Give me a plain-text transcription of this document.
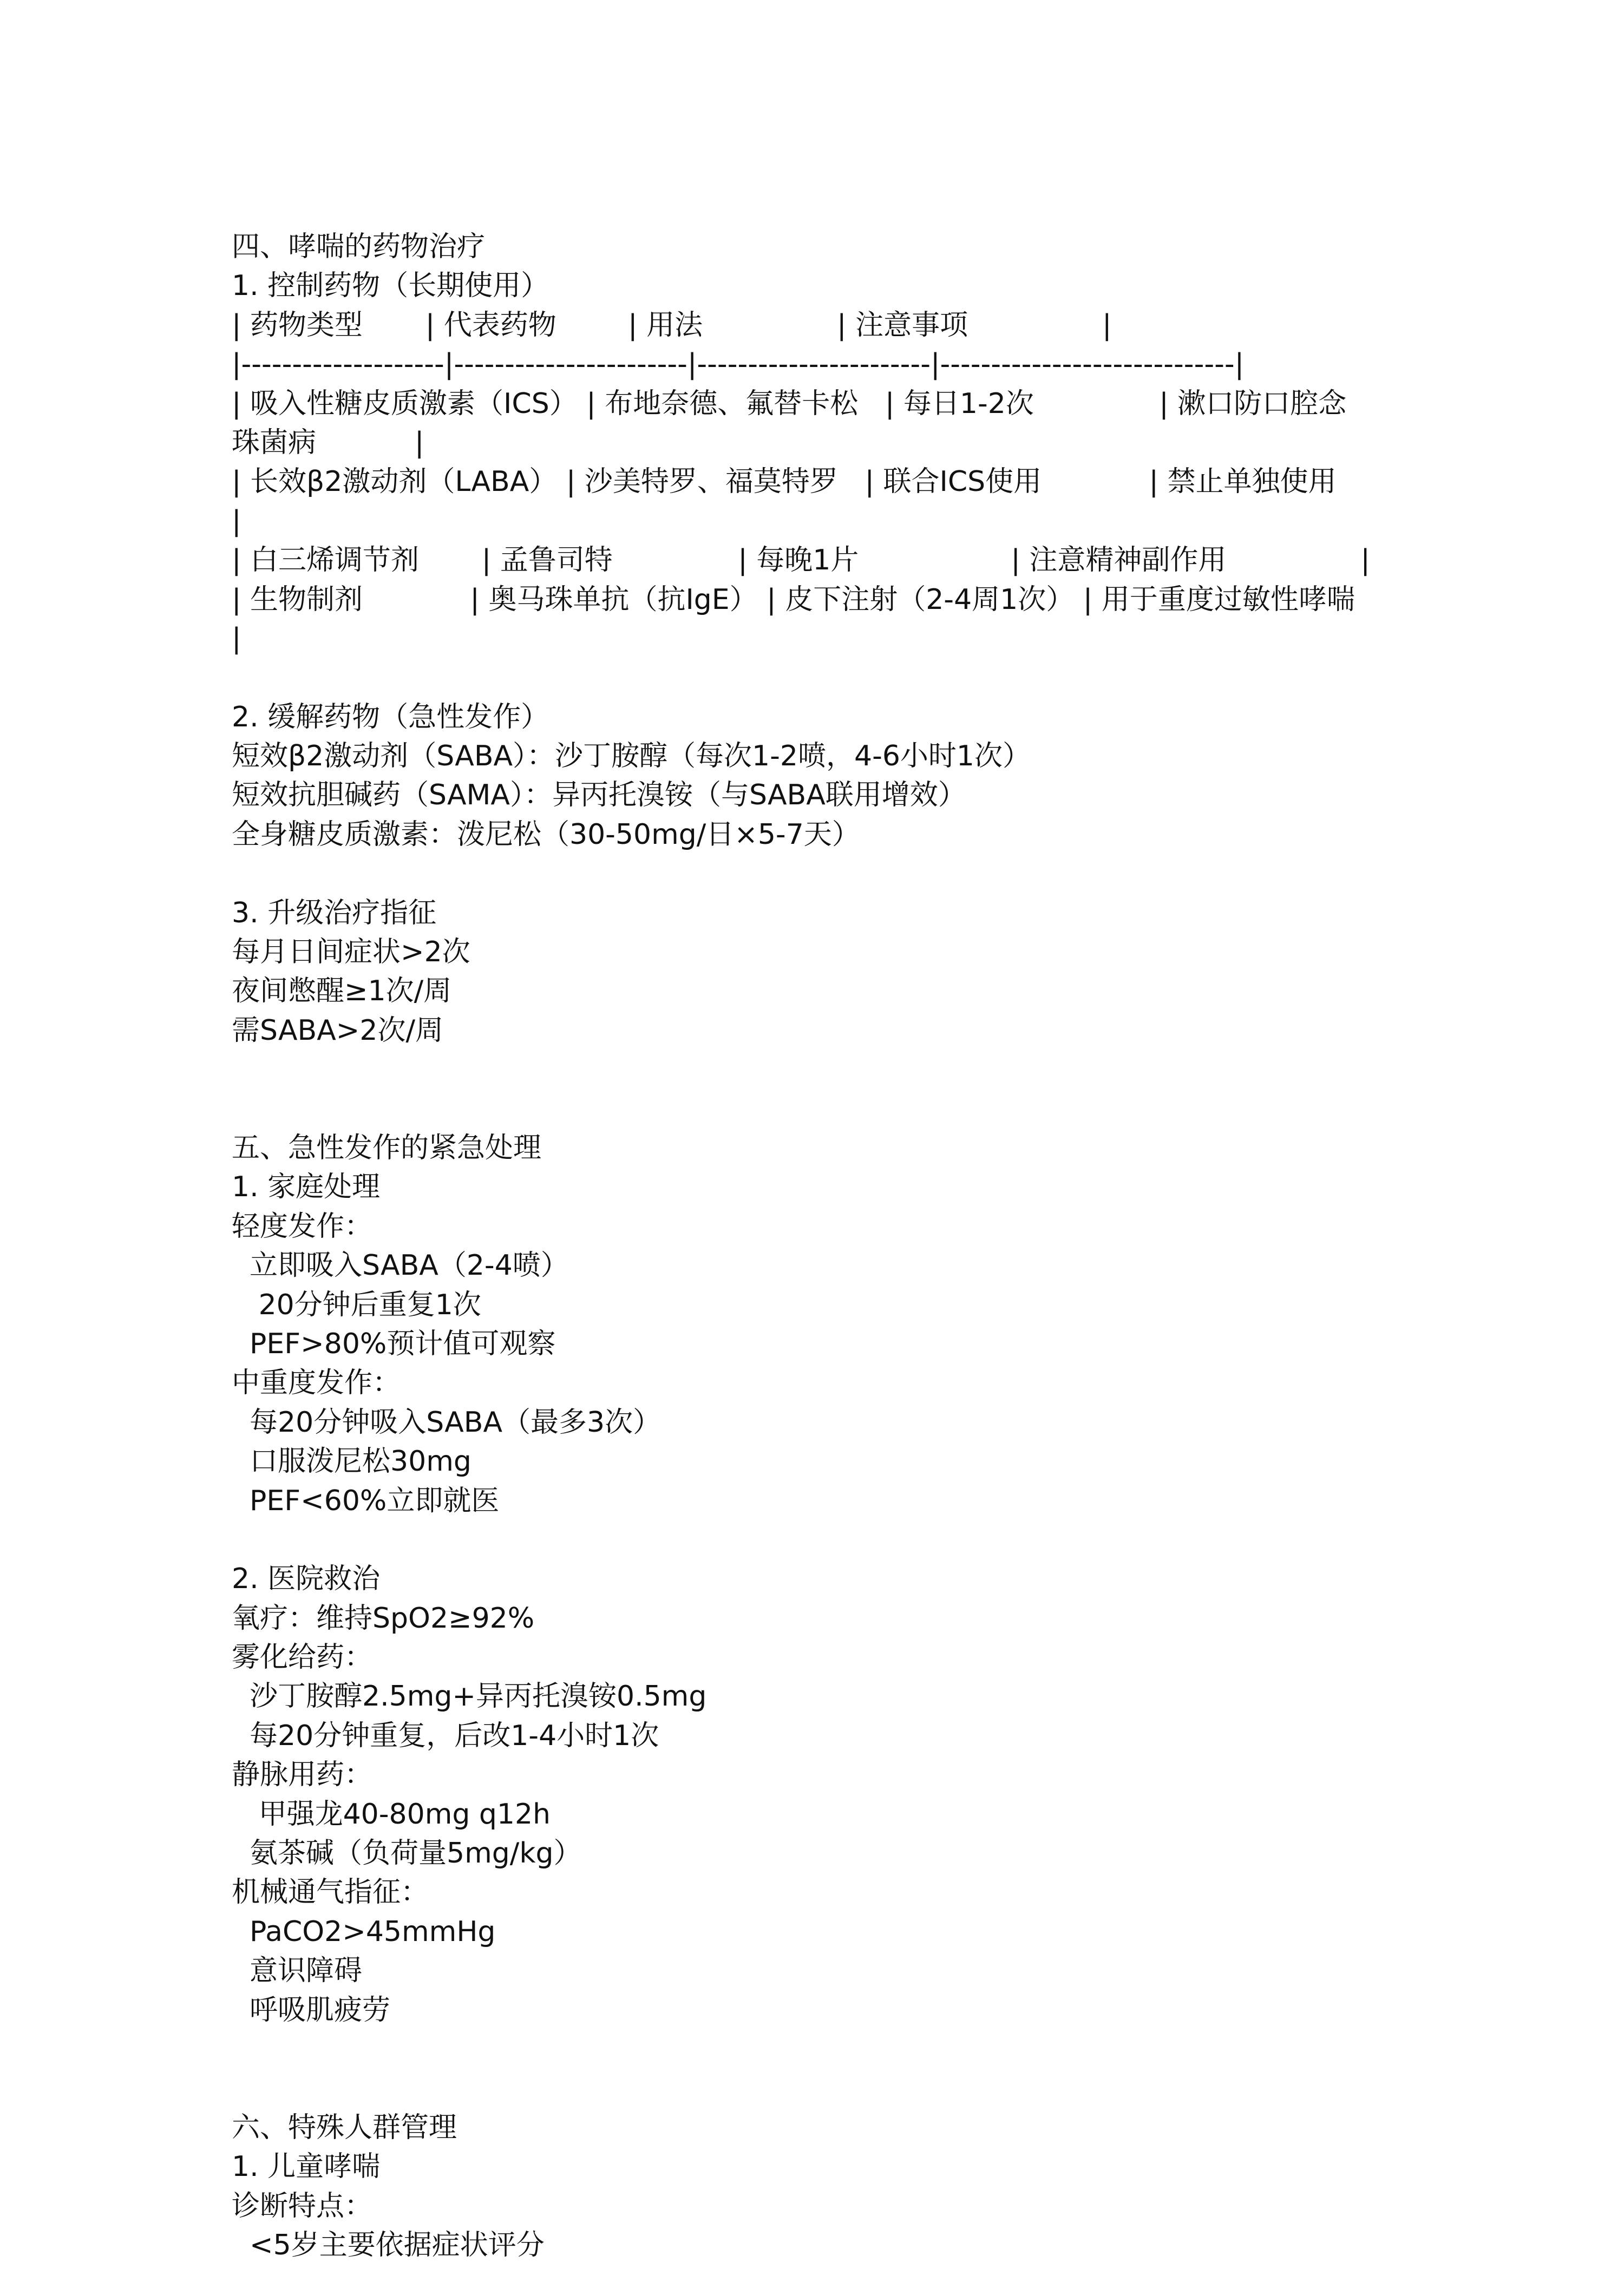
四、哮喘的药物治疗
1. 控制药物（长期使用）
| 药物类型       | 代表药物        | 用法               | 注意事项               |
|--------------------|-----------------------|-----------------------|-----------------------------|
| 吸入性糖皮质激素（ICS） | 布地奈德、氟替卡松   | 每日1-2次              | 漱口防口腔念
珠菌病           |
| 长效β2激动剂（LABA） | 沙美特罗、福莫特罗   | 联合ICS使用            | 禁止单独使用
|
| 白三烯调节剂       | 孟鲁司特              | 每晚1片                 | 注意精神副作用               |
| 生物制剂            | 奥马珠单抗（抗IgE） | 皮下注射（2-4周1次） | 用于重度过敏性哮喘
|
2. 缓解药物（急性发作）
短效β2激动剂（SABA）：沙丁胺醇（每次1-2喷，4-6小时1次）
短效抗胆碱药（SAMA）：异丙托溴铵（与SABA联用增效）
全身糖皮质激素：泼尼松（30-50mg/日×5-7天）
3. 升级治疗指征
每月日间症状>2次
夜间憋醒≥1次/周
需SABA>2次/周
五、急性发作的紧急处理
1. 家庭处理
轻度发作：
立即吸入SABA（2-4喷）
20分钟后重复1次
PEF>80%预计值可观察
中重度发作：
每20分钟吸入SABA（最多3次）
口服泼尼松30mg
PEF<60%立即就医
2. 医院救治
氧疗：维持SpO2≥92%
雾化给药：
沙丁胺醇2.5mg+异丙托溴铵0.5mg
每20分钟重复，后改1-4小时1次
静脉用药：
甲强龙40-80mg q12h
氨茶碱（负荷量5mg/kg）
机械通气指征：
PaCO2>45mmHg
意识障碍
呼吸肌疲劳
六、特殊人群管理
1. 儿童哮喘
诊断特点：
<5岁主要依据症状评分
